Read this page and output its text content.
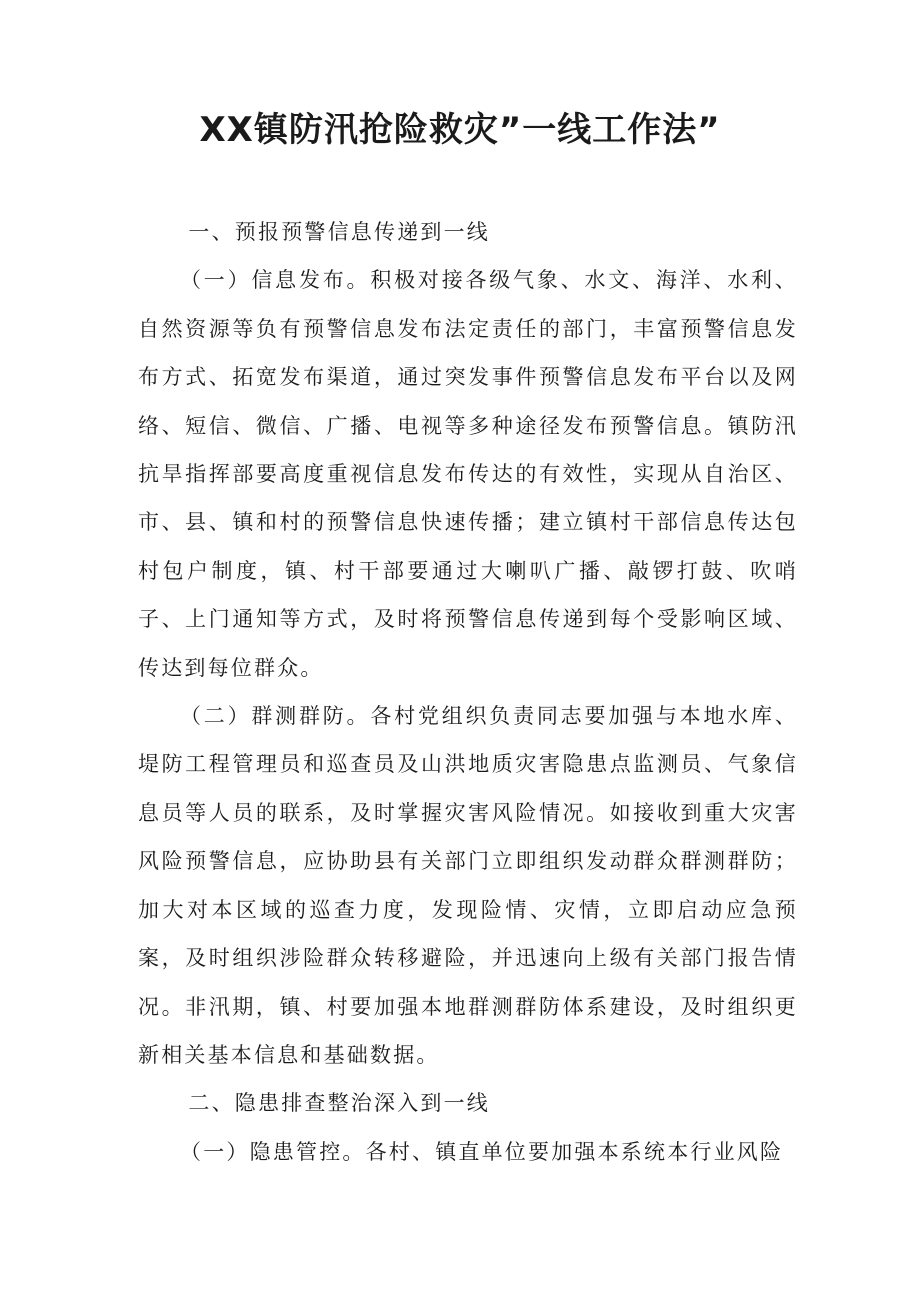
XX镇防汛抢险救灾”一线工作法”

一、预报预警信息传递到一线

（一）信息发布。积极对接各级气象、水文、海洋、水利、自然资源等负有预警信息发布法定责任的部门，丰富预警信息发布方式、拓宽发布渠道，通过突发事件预警信息发布平台以及网络、短信、微信、广播、电视等多种途径发布预警信息。镇防汛抗旱指挥部要高度重视信息发布传达的有效性，实现从自治区、市、县、镇和村的预警信息快速传播；建立镇村干部信息传达包村包户制度，镇、村干部要通过大喇叭广播、敲锣打鼓、吹哨子、上门通知等方式，及时将预警信息传递到每个受影响区域、传达到每位群众。

（二）群测群防。各村党组织负责同志要加强与本地水库、堤防工程管理员和巡查员及山洪地质灾害隐患点监测员、气象信息员等人员的联系，及时掌握灾害风险情况。如接收到重大灾害风险预警信息，应协助县有关部门立即组织发动群众群测群防；加大对本区域的巡查力度，发现险情、灾情，立即启动应急预案，及时组织涉险群众转移避险，并迅速向上级有关部门报告情况。非汛期，镇、村要加强本地群测群防体系建设，及时组织更新相关基本信息和基础数据。

二、隐患排查整治深入到一线

（一）隐患管控。各村、镇直单位要加强本系统本行业风险
